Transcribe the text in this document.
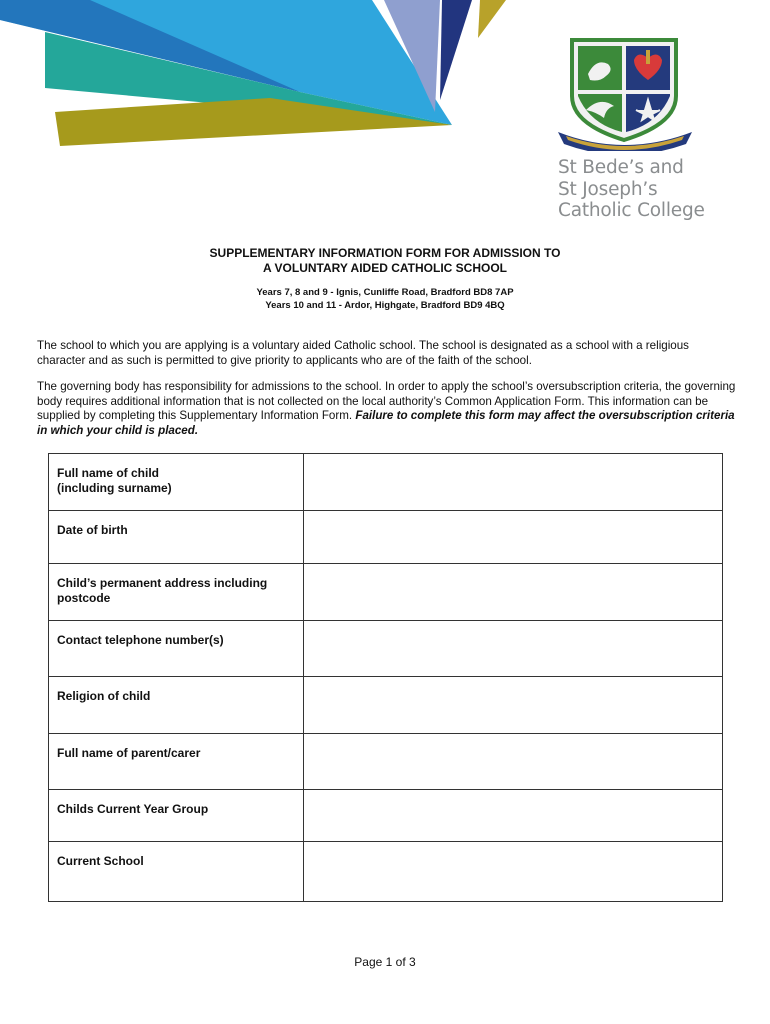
St Bede’s and
St Joseph’s
Catholic College
SUPPLEMENTARY INFORMATION FORM FOR ADMISSION TO
A VOLUNTARY AIDED CATHOLIC SCHOOL
Years 7, 8 and 9 - Ignis, Cunliffe Road, Bradford BD8 7AP
Years 10 and 11 - Ardor, Highgate, Bradford BD9 4BQ
The school to which you are applying is a voluntary aided Catholic school. The school is designated as a school with a religious character and as such is permitted to give priority to applicants who are of the faith of the school.
The governing body has responsibility for admissions to the school. In order to apply the school’s oversubscription criteria, the governing body requires additional information that is not collected on the local authority’s Common Application Form. This information can be supplied by completing this Supplementary Information Form. Failure to complete this form may affect the oversubscription criteria in which your child is placed.
Full name of child
(including surname)	

Date of birth	

Child’s permanent address including
postcode	

Contact telephone number(s)	

Religion of child	

Full name of parent/carer	

Childs Current Year Group	

Current School	

Page 1 of 3
